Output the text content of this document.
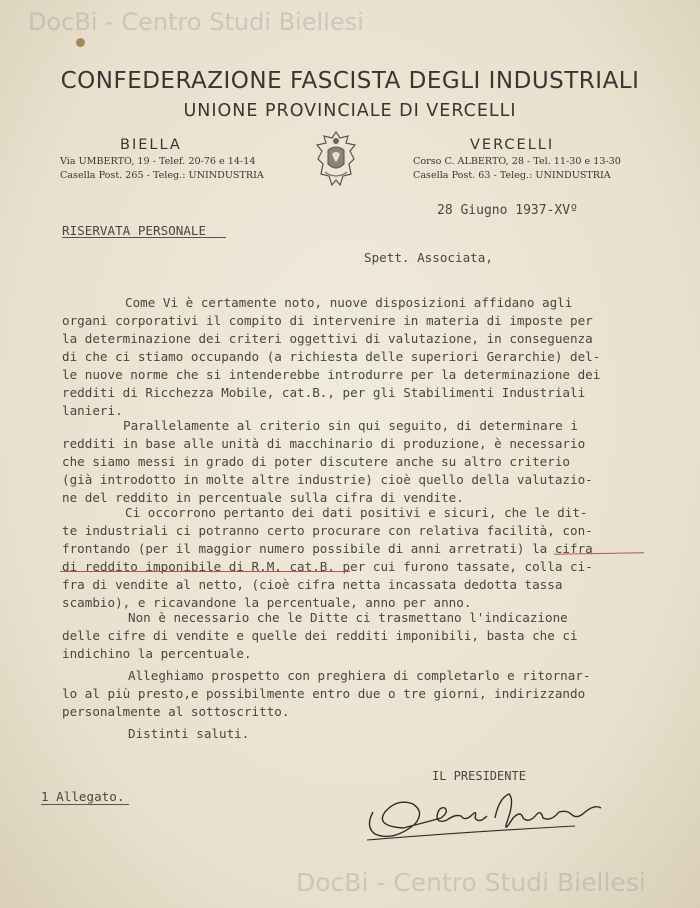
DocBi - Centro Studi Biellesi
CONFEDERAZIONE FASCISTA DEGLI INDUSTRIALI
UNIONE PROVINCIALE DI VERCELLI
BIELLA
Via UMBERTO, 19 - Telef. 20-76 e 14-14
Casella Post. 265 - Teleg.: UNINDUSTRIA
VERCELLI
Corso C. ALBERTO, 28 - Tel. 11-30 e 13-30
Casella Post. 63 - Teleg.: UNINDUSTRIA
28 Giugno 1937-XVº
RISERVATA PERSONALE
Spett. Associata,
Come Vi è certamente noto, nuove disposizioni affidano agli
organi corporativi il compito di intervenire in materia di imposte per
la determinazione dei criteri oggettivi di valutazione, in conseguenza
di che ci stiamo occupando (a richiesta delle superiori Gerarchie) del-
le nuove norme che si intenderebbe introdurre per la determinazione dei
redditi di Ricchezza Mobile, cat.B., per gli Stabilimenti Industriali
lanieri.
Parallelamente al criterio sin qui seguito, di determinare i
redditi in base alle unità di macchinario di produzione, è necessario
che siamo messi in grado di poter discutere anche su altro criterio
(già introdotto in molte altre industrie) cioè quello della valutazio-
ne del reddito in percentuale sulla cifra di vendite.
Ci occorrono pertanto dei dati positivi e sicuri, che le dit-
te industriali ci potranno certo procurare con relativa facilità, con-
frontando (per il maggior numero possibile di anni arretrati) la cifra
di reddito imponibile di R.M. cat.B. per cui furono tassate, colla ci-
fra di vendite al netto, (cioè cifra netta incassata dedotta tassa
scambio), e ricavandone la percentuale, anno per anno.
Non è necessario che le Ditte ci trasmettano l'indicazione
delle cifre di vendite e quelle dei redditi imponibili, basta che ci
indichino la percentuale.
Alleghiamo prospetto con preghiera di completarlo e ritornar-
lo al più presto,e possibilmente entro due o tre giorni, indirizzando
personalmente al sottoscritto.
Distinti saluti.
IL PRESIDENTE
1 Allegato.
DocBi - Centro Studi Biellesi
